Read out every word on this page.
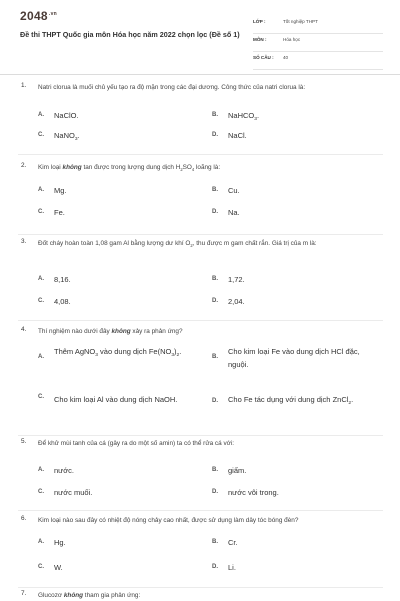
$2048^{.vn}$
Đề thi THPT Quốc gia môn Hóa học năm 2022 chọn lọc (Đề số 1)
LỚP :	Tốt nghiệp THPT
MÔN :	Hóa học
SỐ CÂU : 40
1. Natri clorua là muối chủ yếu tạo ra độ mặn trong các đại dương. Công thức của natri clorua là:
A. NaClO.	B. NaHCO$_3$.
C. NaNO$_3$.	D. NaCl.
2. Kim loại không tan được trong lượng dung dịch $H_2SO_4$ loãng là:
A. Mg.	B. Cu.
C. Fe.	D. Na.
3. Đốt cháy hoàn toàn 1,08 gam Al bằng lượng dư khí $O_2$, thu được m gam chất rắn. Giá trị của m là:
A. 8,16.	B. 1,72.
C. 4,08.	D. 2,04.
4. Thí nghiệm nào dưới đây không xảy ra phản ứng?
A.
Thêm AgNO$_3$ vào dung dịch $Fe(NO_3)_2$.
B.
Cho kim loại Fe vào dung dịch HCl đặc, nguội.
C. Cho kim loại Al vào dung dịch NaOH.	D. Cho Fe tác dụng với dung dịch ZnCl$_2$.
5. Để khử mùi tanh của cá (gây ra do một số amin) ta có thể rửa cá với:
A. nước.	B. giấm.
C. nước muối.	D. nước vôi trong.
6. Kim loại nào sau đây có nhiệt độ nóng chảy cao nhất, được sử dụng làm dây tóc bóng đèn?
A. Hg.	B. Cr.
C. W.	D. Li.
7. Glucozơ không tham gia phản ứng:
